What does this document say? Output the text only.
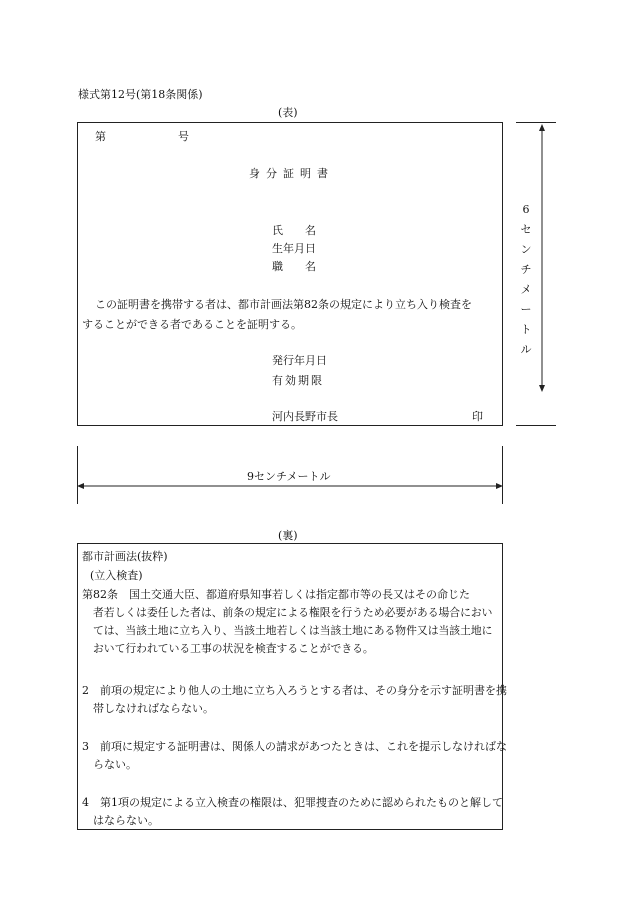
様式第12号(第18条関係)
(表)
第	号
身分証明書
氏　　名
生年月日
職　　名
この証明書を携帯する者は、都市計画法第82条の規定により立ち入り検査を
することができる者であることを証明する。
発行年月日
有効期限
河内長野市長	印
6
セ
ン
チ
メ
ー
ト
ル
9センチメートル
(裏)
都市計画法(抜粋)
(立入検査)
第82条　国土交通大臣、都道府県知事若しくは指定都市等の長又はその命じた
者若しくは委任した者は、前条の規定による権限を行うため必要がある場合においては、当該土地に立ち入り、当該土地若しくは当該土地にある物件又は当該土地において行われている工事の状況を検査することができる。
2　前項の規定により他人の土地に立ち入ろうとする者は、その身分を示す証明書を携帯しなければならない。
3　前項に規定する証明書は、関係人の請求があつたときは、これを提示しなければならない。
4　第1項の規定による立入検査の権限は、犯罪捜査のために認められたものと解してはならない。
